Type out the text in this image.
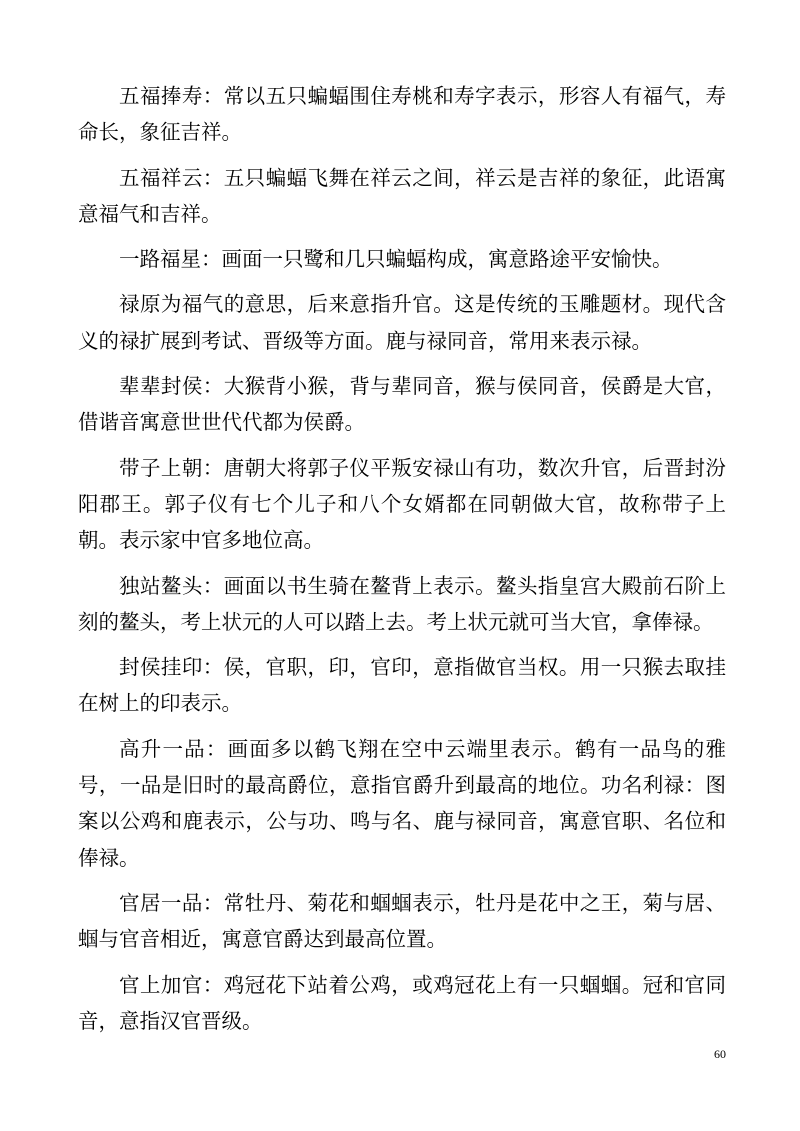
五福捧寿：常以五只蝙蝠围住寿桃和寿字表示，形容人有福气，寿命长，象征吉祥。

五福祥云：五只蝙蝠飞舞在祥云之间，祥云是吉祥的象征，此语寓意福气和吉祥。

一路福星：画面一只鹭和几只蝙蝠构成，寓意路途平安愉快。

禄原为福气的意思，后来意指升官。这是传统的玉雕题材。现代含义的禄扩展到考试、晋级等方面。鹿与禄同音，常用来表示禄。

辈辈封侯：大猴背小猴，背与辈同音，猴与侯同音，侯爵是大官，借谐音寓意世世代代都为侯爵。

带子上朝：唐朝大将郭子仪平叛安禄山有功，数次升官，后晋封汾阳郡王。郭子仪有七个儿子和八个女婿都在同朝做大官，故称带子上朝。表示家中官多地位高。

独站鳌头：画面以书生骑在鳌背上表示。鳌头指皇宫大殿前石阶上刻的鳌头，考上状元的人可以踏上去。考上状元就可当大官，拿俸禄。

封侯挂印：侯，官职，印，官印，意指做官当权。用一只猴去取挂在树上的印表示。

高升一品：画面多以鹤飞翔在空中云端里表示。鹤有一品鸟的雅号，一品是旧时的最高爵位，意指官爵升到最高的地位。功名利禄：图案以公鸡和鹿表示，公与功、鸣与名、鹿与禄同音，寓意官职、名位和俸禄。

官居一品：常牡丹、菊花和蝈蝈表示，牡丹是花中之王，菊与居、蝈与官音相近，寓意官爵达到最高位置。

官上加官：鸡冠花下站着公鸡，或鸡冠花上有一只蝈蝈。冠和官同音，意指汉官晋级。

60
